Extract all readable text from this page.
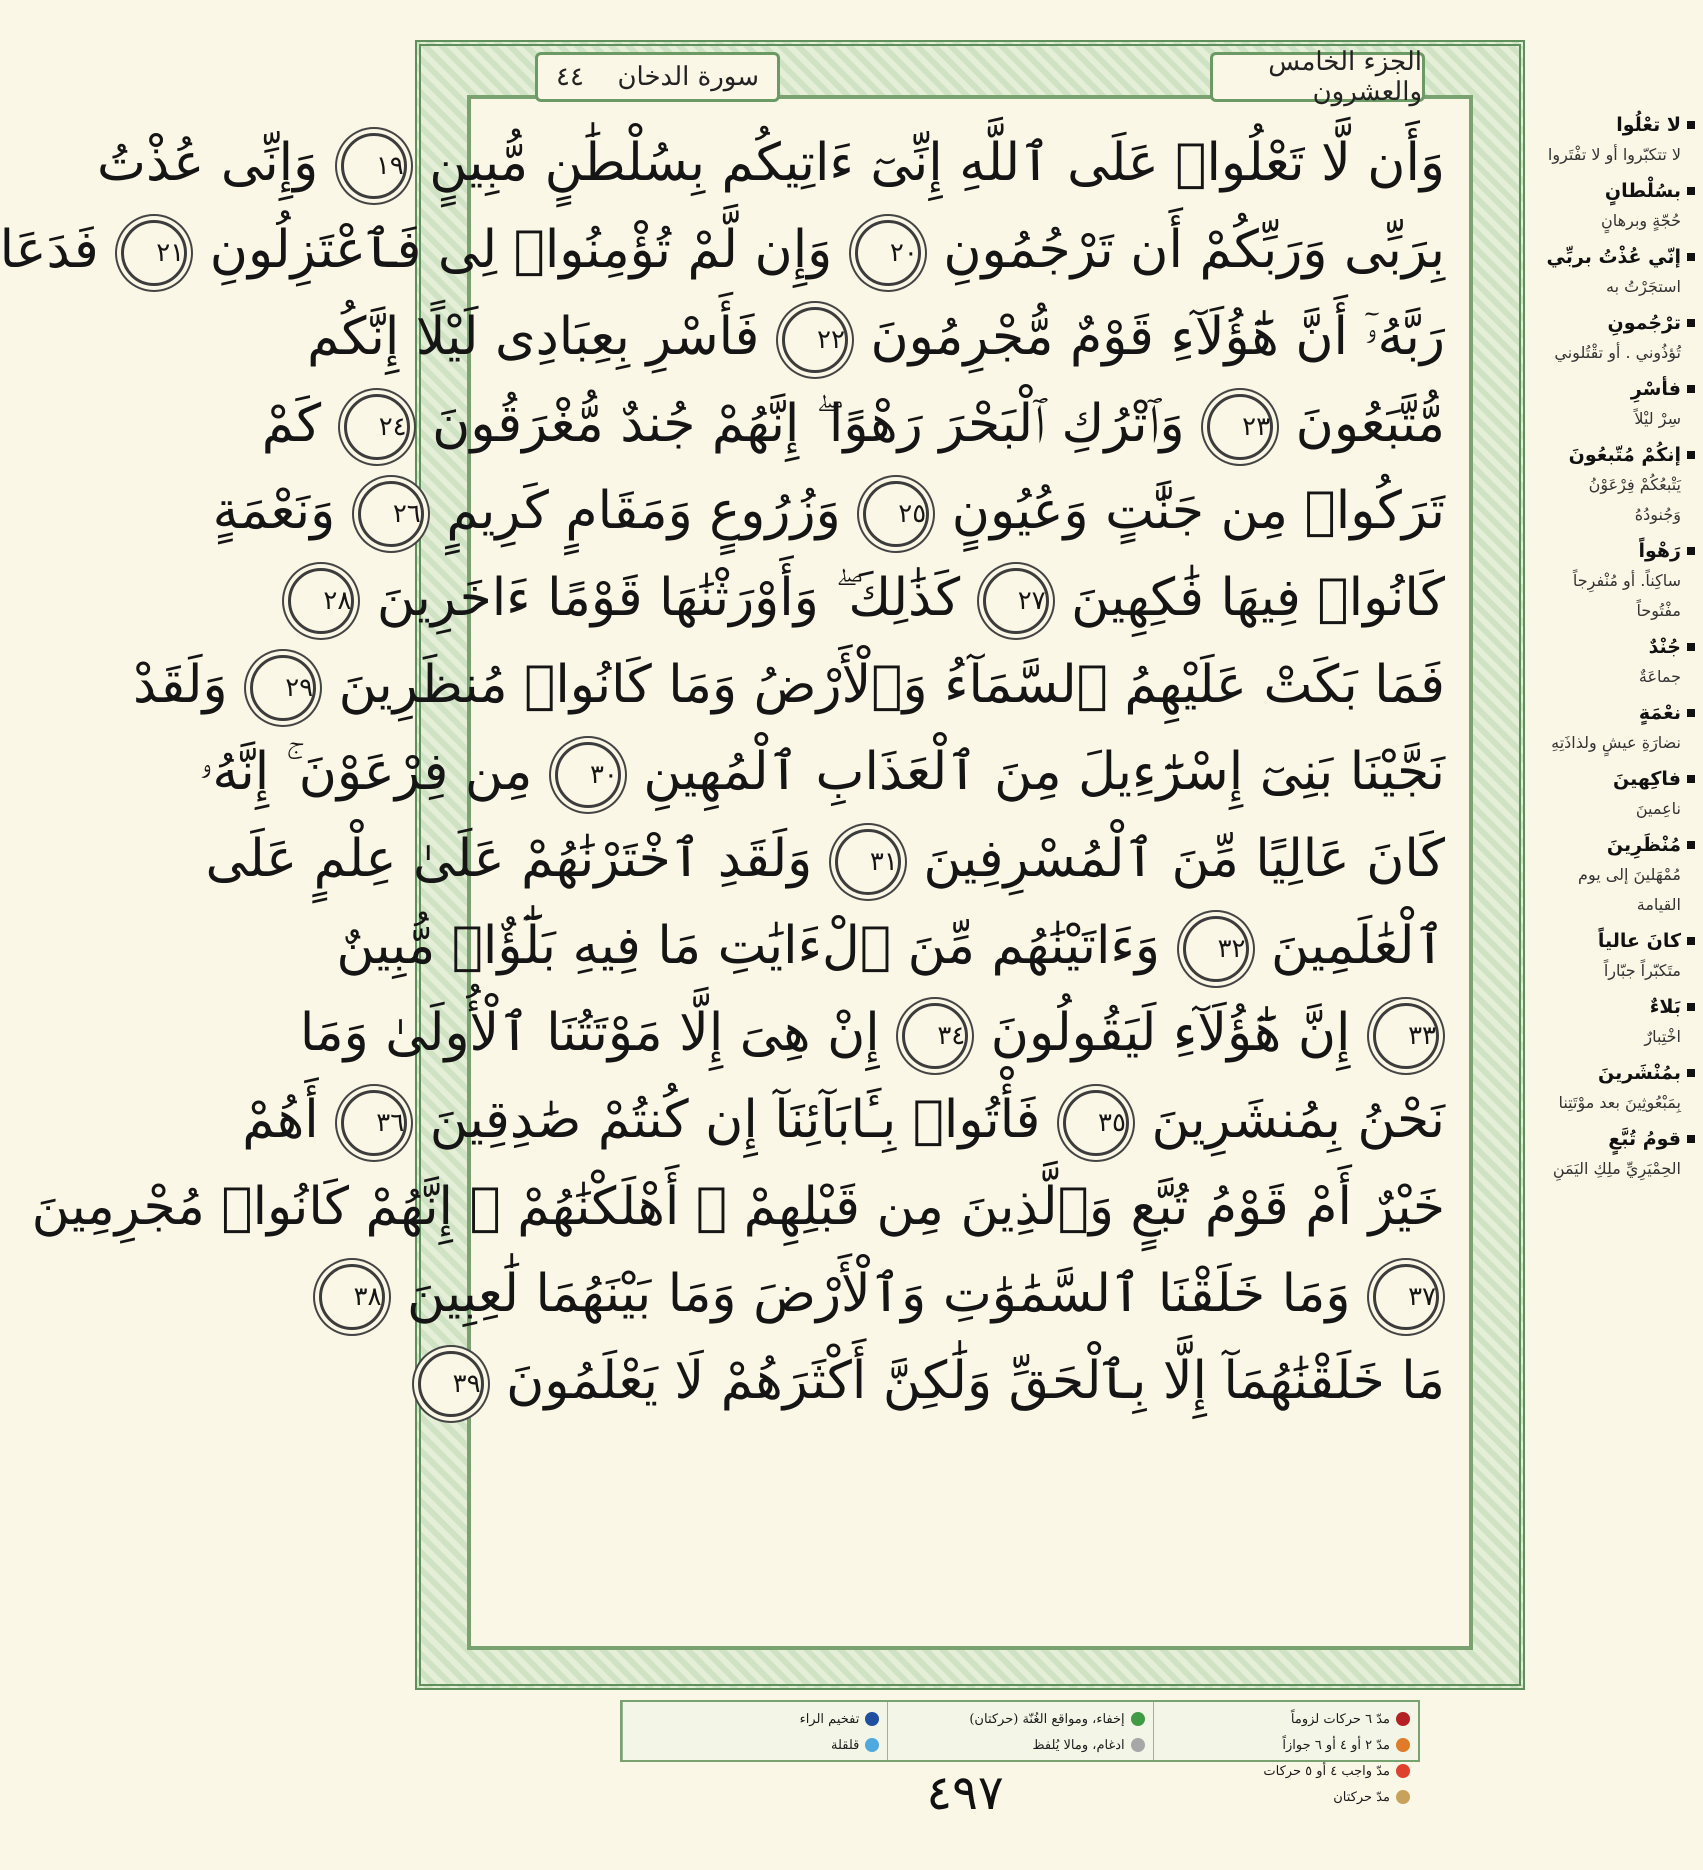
الجزء الخامس والعشرون
سورة الدخان
٤٤
وَأَن لَّا تَعْلُوا۟ عَلَى ٱللَّهِ إِنِّىٓ ءَاتِيكُم بِسُلْطَٰنٍ مُّبِينٍ ١٩ وَإِنِّى عُذْتُ
بِرَبِّى وَرَبِّكُمْ أَن تَرْجُمُونِ ٢٠ وَإِن لَّمْ تُؤْمِنُوا۟ لِى فَٱعْتَزِلُونِ ٢١ فَدَعَا
رَبَّهُۥٓ أَنَّ هَٰٓؤُلَآءِ قَوْمٌ مُّجْرِمُونَ ٢٢ فَأَسْرِ بِعِبَادِى لَيْلًا إِنَّكُم
مُّتَّبَعُونَ ٢٣ وَٱتْرُكِ ٱلْبَحْرَ رَهْوًا ۖ إِنَّهُمْ جُندٌ مُّغْرَقُونَ ٢٤ كَمْ
تَرَكُوا۟ مِن جَنَّٰتٍ وَعُيُونٍ ٢٥ وَزُرُوعٍ وَمَقَامٍ كَرِيمٍ ٢٦ وَنَعْمَةٍ
كَانُوا۟ فِيهَا فَٰكِهِينَ ٢٧ كَذَٰلِكَ ۖ وَأَوْرَثْنَٰهَا قَوْمًا ءَاخَرِينَ ٢٨
فَمَا بَكَتْ عَلَيْهِمُ ٱلسَّمَآءُ وَٱلْأَرْضُ وَمَا كَانُوا۟ مُنظَرِينَ ٢٩ وَلَقَدْ
نَجَّيْنَا بَنِىٓ إِسْرَٰٓءِيلَ مِنَ ٱلْعَذَابِ ٱلْمُهِينِ ٣٠ مِن فِرْعَوْنَ ۚ إِنَّهُۥ
كَانَ عَالِيًا مِّنَ ٱلْمُسْرِفِينَ ٣١ وَلَقَدِ ٱخْتَرْنَٰهُمْ عَلَىٰ عِلْمٍ عَلَى
ٱلْعَٰلَمِينَ ٣٢ وَءَاتَيْنَٰهُم مِّنَ ٱلْءَايَٰتِ مَا فِيهِ بَلَٰٓؤٌا۟ مُّبِينٌ
٣٣ إِنَّ هَٰٓؤُلَآءِ لَيَقُولُونَ ٣٤ إِنْ هِىَ إِلَّا مَوْتَتُنَا ٱلْأُولَىٰ وَمَا
نَحْنُ بِمُنشَرِينَ ٣٥ فَأْتُوا۟ بِـَٔابَآئِنَآ إِن كُنتُمْ صَٰدِقِينَ ٣٦ أَهُمْ
خَيْرٌ أَمْ قَوْمُ تُبَّعٍ وَٱلَّذِينَ مِن قَبْلِهِمْ ۚ أَهْلَكْنَٰهُمْ ۖ إِنَّهُمْ كَانُوا۟ مُجْرِمِينَ
٣٧ وَمَا خَلَقْنَا ٱلسَّمَٰوَٰتِ وَٱلْأَرْضَ وَمَا بَيْنَهُمَا لَٰعِبِينَ ٣٨
مَا خَلَقْنَٰهُمَآ إِلَّا بِٱلْحَقِّ وَلَٰكِنَّ أَكْثَرَهُمْ لَا يَعْلَمُونَ ٣٩
مدّ ٦ حركات لزوماً
مدّ ٢ أو ٤ أو ٦ جوازاً
مدّ واجب ٤ أو ٥ حركات
مدّ حركتان
إخفاء، ومواقع الغُنّة (حركتان)
ادغام، ومالا يُلفظ
تفخيم الراء
قلقلة
٤٩٧
لا تعْلُوا
لا تتكبّروا أو لا تفْتَروا
بسُلْطانٍ
حُجّةٍ وبرهانٍ
إنّي عُذْتُ بربِّي
استجَرْتُ به
ترْجُمونِ
تُؤذُوني . أو تقْتُلوني
فأسْرِ
سِرْ ليْلاً
إنكُمْ مُتّبعُونَ
يَتْبعُكُمْ فِرْعَوْنُ وَجُنودُهُ
رَهْواً
ساكِناً. أو مُنْفرِجاً مفْتُوحاً
جُنْدٌ
جماعَةٌ
نعْمَةٍ
نضارَةِ عيشٍ ولذاذَتِهِ
فاكِهينَ
ناعِمينَ
مُنْظَرِينَ
مُمْهَلينَ إلى يوم القيامة
كانَ عالياً
متَكبّراً جبّاراً
بَلاءٌ
اخْتِبارٌ
بمُنْشَرينَ
بِمَبْعُوثِينَ بعد موْتَتِنا
قومُ تُبَّعٍ
الحِمْيَرِيِّ ملِكِ اليَمَنِ
